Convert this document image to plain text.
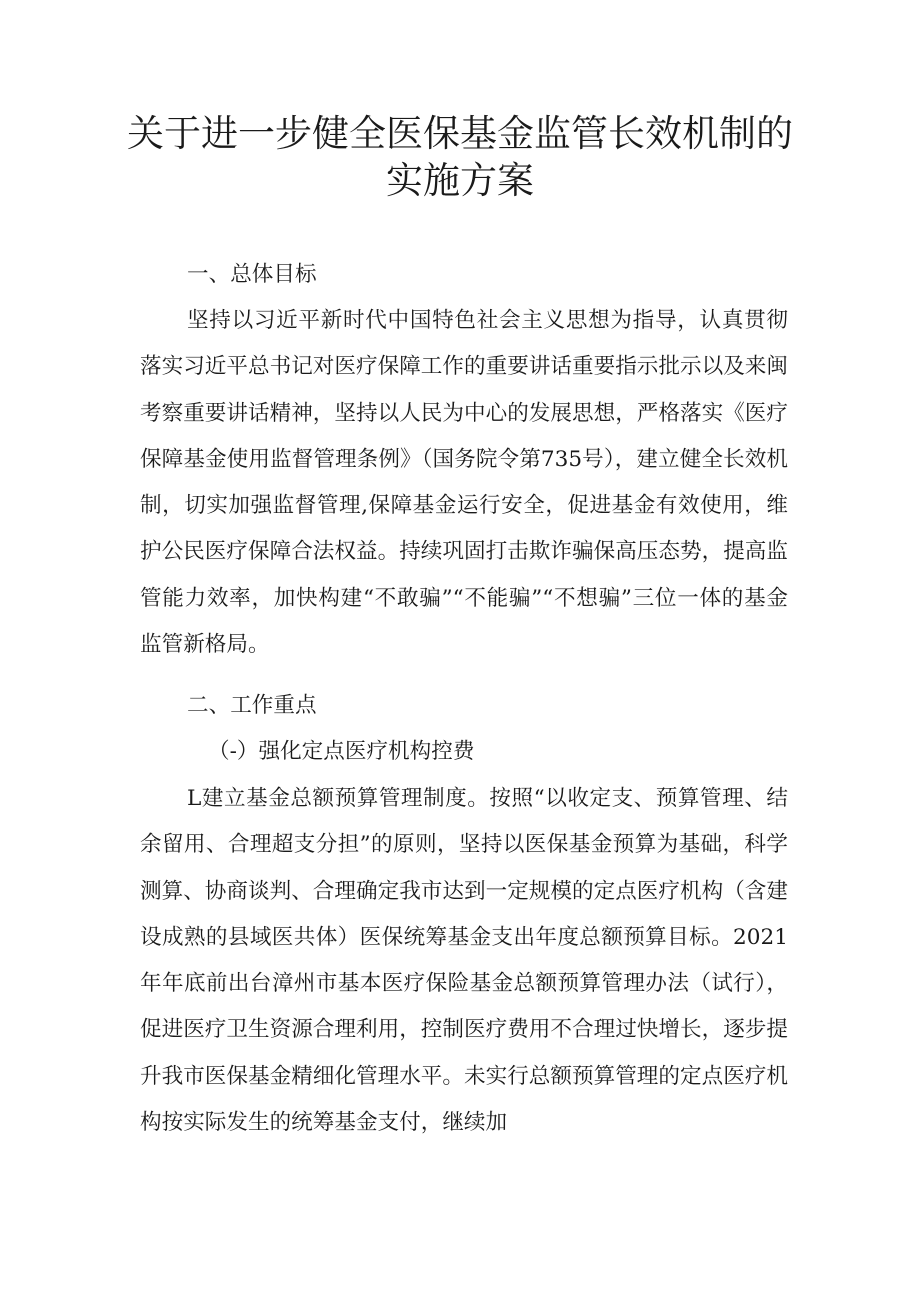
关于进一步健全医保基金监管长效机制的
实施方案

一、总体目标

坚持以习近平新时代中国特色社会主义思想为指导，认真贯彻落实习近平总书记对医疗保障工作的重要讲话重要指示批示以及来闽考察重要讲话精神，坚持以人民为中心的发展思想，严格落实《医疗保障基金使用监督管理条例》（国务院令第735号），建立健全长效机制，切实加强监督管理,保障基金运行安全，促进基金有效使用，维护公民医疗保障合法权益。持续巩固打击欺诈骗保高压态势，提高监管能力效率，加快构建“不敢骗”“不能骗”“不想骗”三位一体的基金监管新格局。

二、工作重点

（-）强化定点医疗机构控费

L建立基金总额预算管理制度。按照“以收定支、预算管理、结余留用、合理超支分担”的原则，坚持以医保基金预算为基础，科学测算、协商谈判、合理确定我市达到一定规模的定点医疗机构（含建设成熟的县域医共体）医保统筹基金支出年度总额预算目标。2021年年底前出台漳州市基本医疗保险基金总额预算管理办法（试行），促进医疗卫生资源合理利用，控制医疗费用不合理过快增长，逐步提升我市医保基金精细化管理水平。未实行总额预算管理的定点医疗机构按实际发生的统筹基金支付，继续加
